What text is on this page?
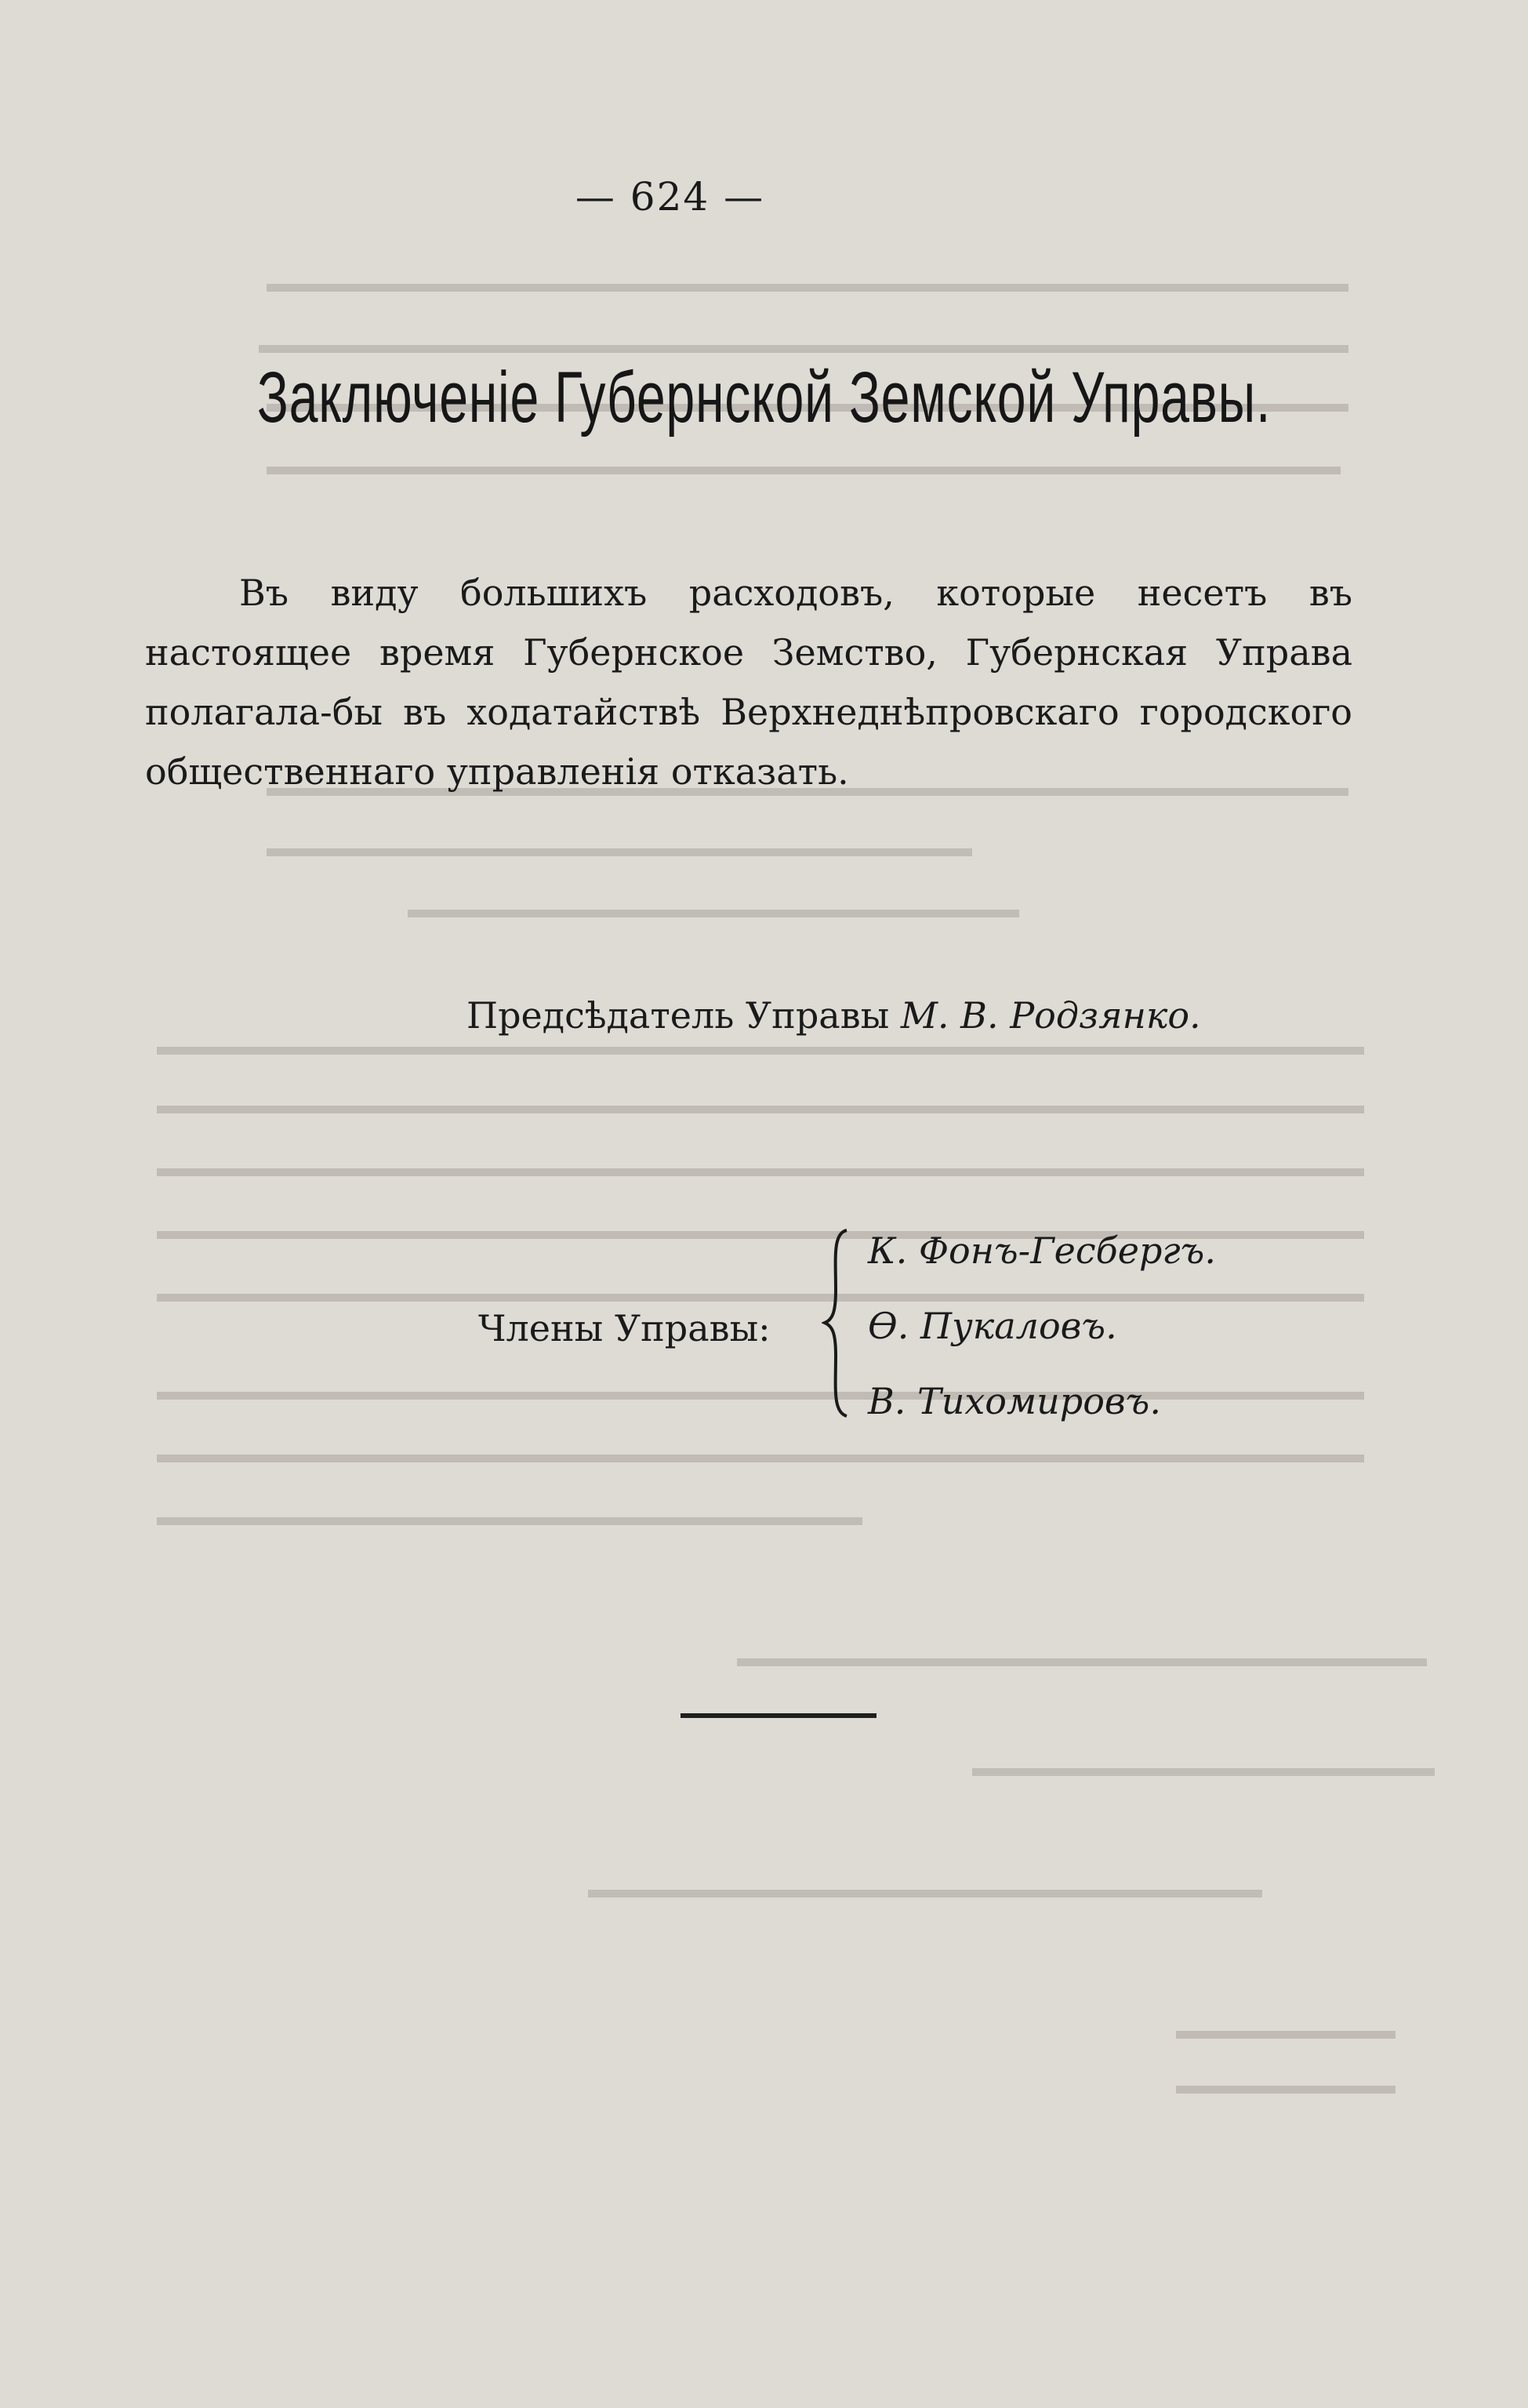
— 624 —
Заключеніе Губернской Земской Управы.

Въ виду большихъ расходовъ, которые несетъ въ настоящее время Губернское Земство, Губернская Управа полагала-бы въ ходатайствѣ Верхнеднѣпровскаго городского общественнаго управленія отказать.

Предсѣдатель Управы М. В. Родзянко.
Члены Управы:
К. Фонъ-Гесбергъ.
Ѳ. Пукаловъ.
В. Тихомировъ.
